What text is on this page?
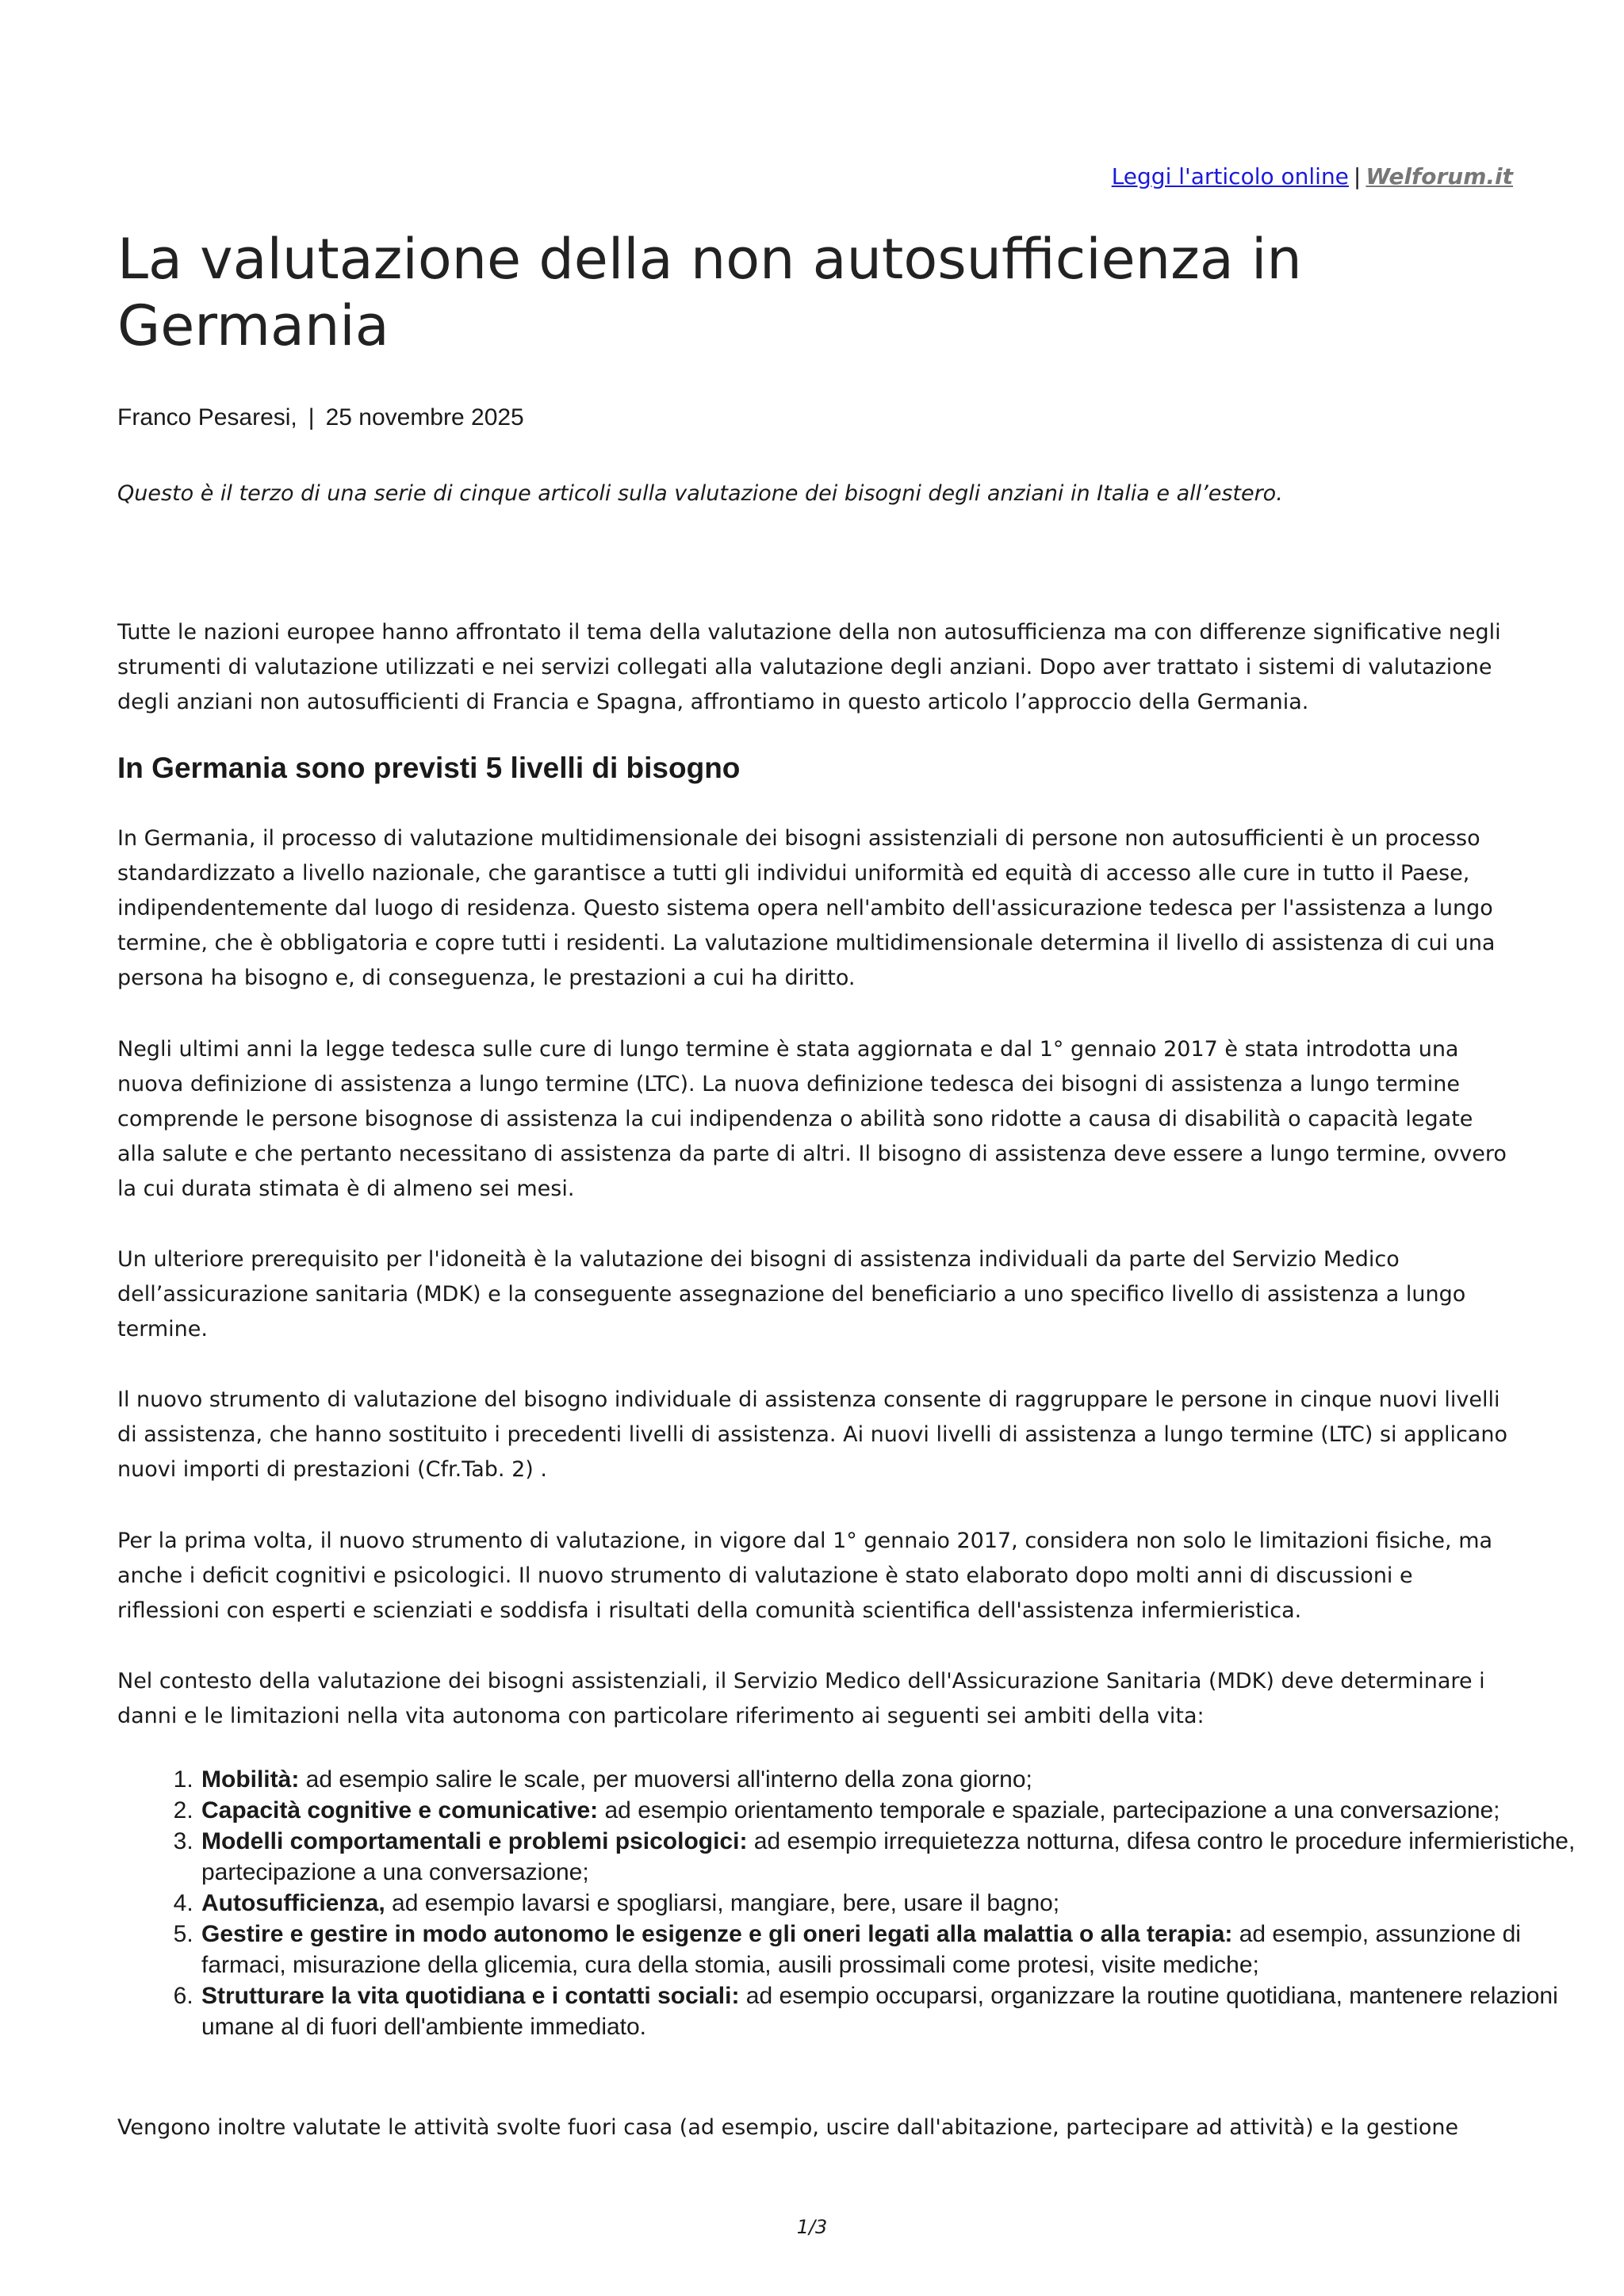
Leggi l'articolo online | Welforum.it
La valutazione della non autosufficienza in Germania
Franco Pesaresi, | 25 novembre 2025
Questo è il terzo di una serie di cinque articoli sulla valutazione dei bisogni degli anziani in Italia e all’estero.

Tutte le nazioni europee hanno affrontato il tema della valutazione della non autosufficienza ma con differenze significative negli strumenti di valutazione utilizzati e nei servizi collegati alla valutazione degli anziani. Dopo aver trattato i sistemi di valutazione degli anziani non autosufficienti di Francia e Spagna, affrontiamo in questo articolo l’approccio della Germania.

In Germania sono previsti 5 livelli di bisogno

In Germania, il processo di valutazione multidimensionale dei bisogni assistenziali di persone non autosufficienti è un processo standardizzato a livello nazionale, che garantisce a tutti gli individui uniformità ed equità di accesso alle cure in tutto il Paese, indipendentemente dal luogo di residenza. Questo sistema opera nell'ambito dell'assicurazione tedesca per l'assistenza a lungo termine, che è obbligatoria e copre tutti i residenti. La valutazione multidimensionale determina il livello di assistenza di cui una persona ha bisogno e, di conseguenza, le prestazioni a cui ha diritto.

Negli ultimi anni la legge tedesca sulle cure di lungo termine è stata aggiornata e dal 1° gennaio 2017 è stata introdotta una nuova definizione di assistenza a lungo termine (LTC). La nuova definizione tedesca dei bisogni di assistenza a lungo termine comprende le persone bisognose di assistenza la cui indipendenza o abilità sono ridotte a causa di disabilità o capacità legate alla salute e che pertanto necessitano di assistenza da parte di altri. Il bisogno di assistenza deve essere a lungo termine, ovvero la cui durata stimata è di almeno sei mesi.

Un ulteriore prerequisito per l'idoneità è la valutazione dei bisogni di assistenza individuali da parte del Servizio Medico dell’assicurazione sanitaria (MDK) e la conseguente assegnazione del beneficiario a uno specifico livello di assistenza a lungo termine.

Il nuovo strumento di valutazione del bisogno individuale di assistenza consente di raggruppare le persone in cinque nuovi livelli di assistenza, che hanno sostituito i precedenti livelli di assistenza. Ai nuovi livelli di assistenza a lungo termine (LTC) si applicano nuovi importi di prestazioni (Cfr.Tab. 2) .

Per la prima volta, il nuovo strumento di valutazione, in vigore dal 1° gennaio 2017, considera non solo le limitazioni fisiche, ma anche i deficit cognitivi e psicologici. Il nuovo strumento di valutazione è stato elaborato dopo molti anni di discussioni e riflessioni con esperti e scienziati e soddisfa i risultati della comunità scientifica dell'assistenza infermieristica.

Nel contesto della valutazione dei bisogni assistenziali, il Servizio Medico dell'Assicurazione Sanitaria (MDK) deve determinare i danni e le limitazioni nella vita autonoma con particolare riferimento ai seguenti sei ambiti della vita:

1. Mobilità: ad esempio salire le scale, per muoversi all'interno della zona giorno;
2. Capacità cognitive e comunicative: ad esempio orientamento temporale e spaziale, partecipazione a una conversazione;
3. Modelli comportamentali e problemi psicologici: ad esempio irrequietezza notturna, difesa contro le procedure infermieristiche, partecipazione a una conversazione;
4. Autosufficienza, ad esempio lavarsi e spogliarsi, mangiare, bere, usare il bagno;
5. Gestire e gestire in modo autonomo le esigenze e gli oneri legati alla malattia o alla terapia: ad esempio, assunzione di farmaci, misurazione della glicemia, cura della stomia, ausili prossimali come protesi, visite mediche;
6. Strutturare la vita quotidiana e i contatti sociali: ad esempio occuparsi, organizzare la routine quotidiana, mantenere relazioni umane al di fuori dell'ambiente immediato.

Vengono inoltre valutate le attività svolte fuori casa (ad esempio, uscire dall'abitazione, partecipare ad attività) e la gestione

1/3
